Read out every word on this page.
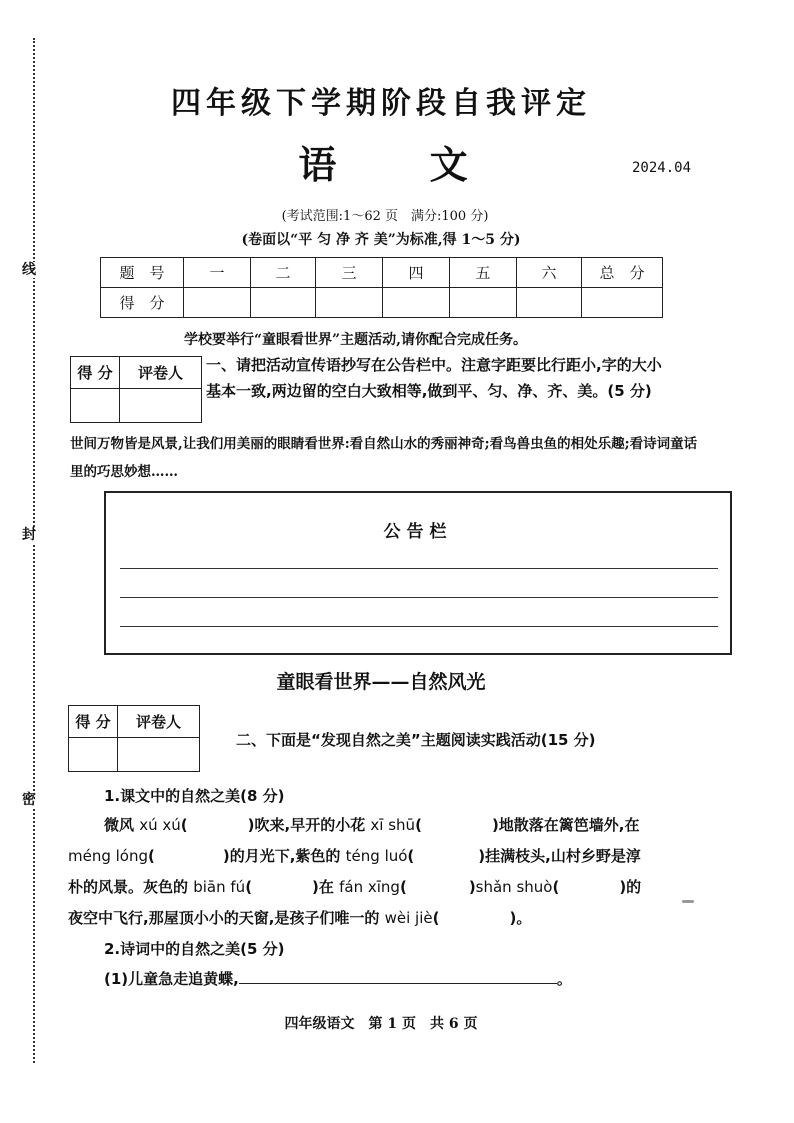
线
封
密
四年级下学期阶段自我评定
语 文	2024.04
(考试范围:1～62 页　满分:100 分)
(卷面以“平 匀 净 齐 美”为标准,得 1～5 分)
题　号	一	二	三	四	五	六	总　分
得　分							
学校要举行“童眼看世界”主题活动,请你配合完成任务。
得 分	评卷人
	一、请把活动宣传语抄写在公告栏中。注意字距要比行距小,字的大小基本一致,两边留的空白大致相等,做到平、匀、净、齐、美。(5 分)
世间万物皆是风景,让我们用美丽的眼睛看世界:看自然山水的秀丽神奇;看鸟兽虫鱼的相处乐趣;看诗词童话里的巧思妙想……
公告栏
童眼看世界——自然风光
得 分	评卷人

二、下面是“发现自然之美”主题阅读实践活动(15 分)
1.课文中的自然之美(8 分)
微风 xú xú(	)吹来,早开的小花 xī shū(	)地散落在篱笆墙外,在
méng lóng(	)的月光下,紫色的 téng luó(	)挂满枝头,山村乡野是淳
朴的风景。灰色的 biān fú(	)在 fán xīng(	)shǎn shuò(	)的
夜空中飞行,那屋顶小小的天窗,是孩子们唯一的 wèi jiè(	)。
2.诗词中的自然之美(5 分)
(1)儿童急走追黄蝶,	。
四年级语文　第 1 页　共 6 页
